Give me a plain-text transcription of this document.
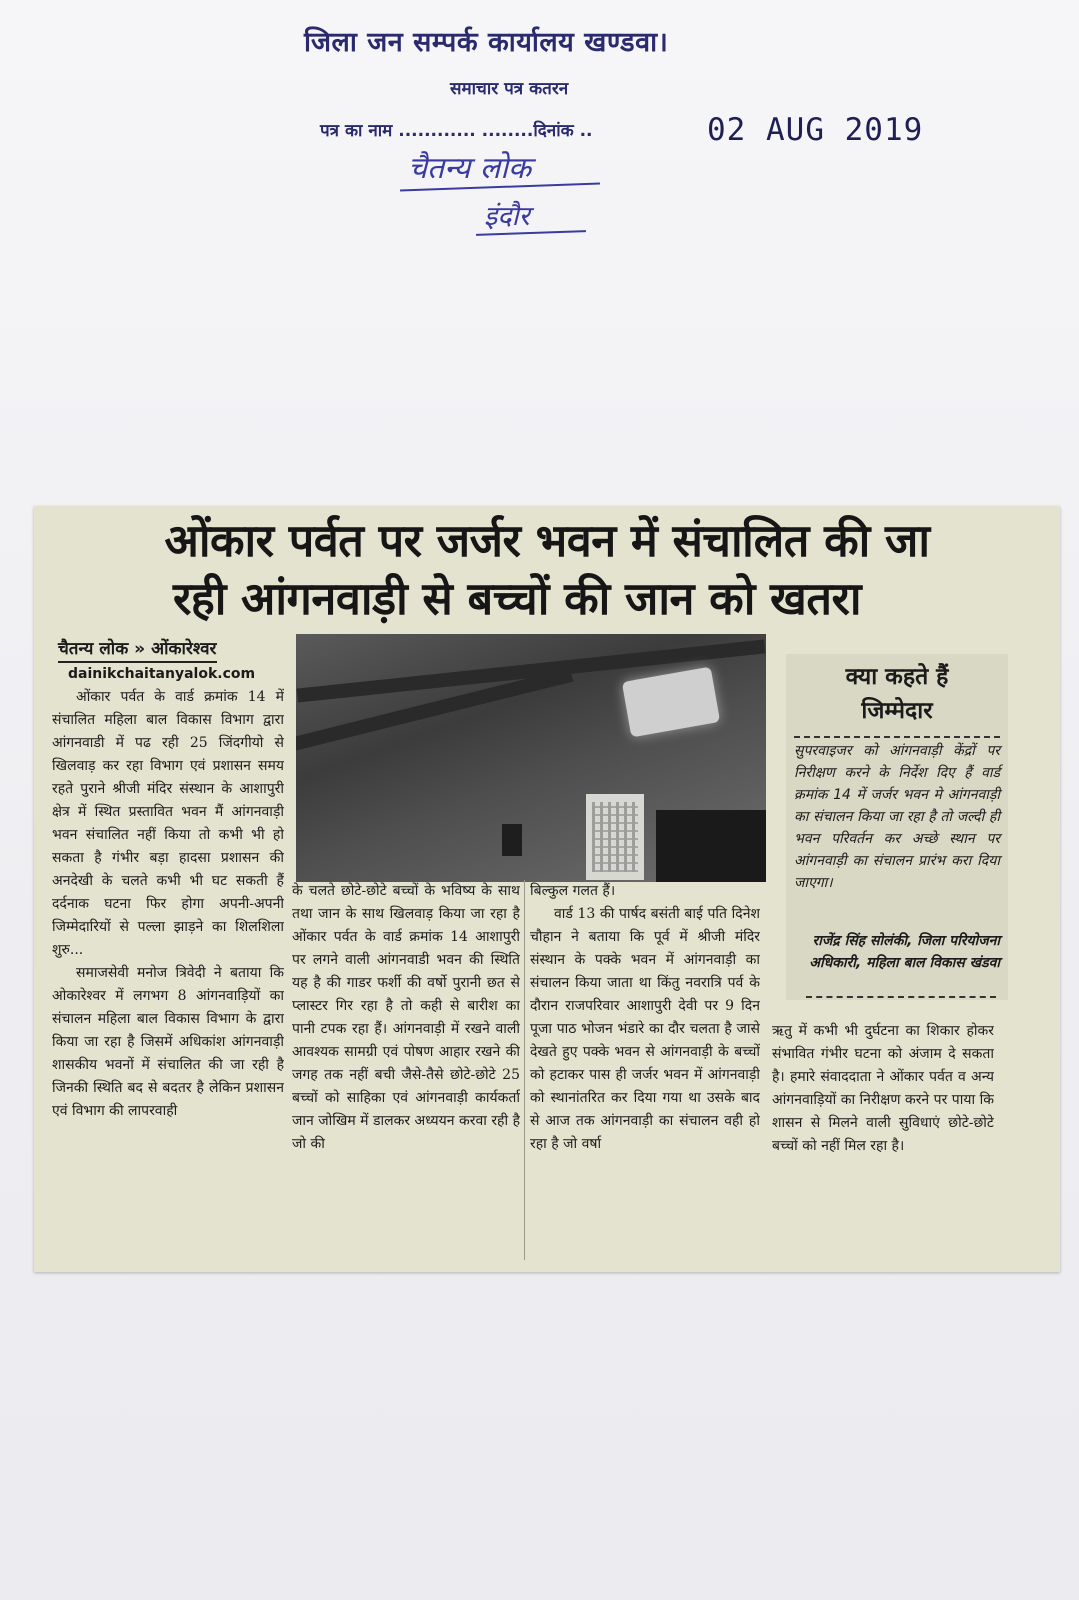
जिला जन सम्पर्क कार्यालय खण्डवा।
समाचार पत्र कतरन
पत्र का नाम ............ ........दिनांक ..	02 AUG 2019
चैतन्य लोक
इंदौर
ओंकार पर्वत पर जर्जर भवन में संचालित की जा

रही आंगनवाड़ी से बच्चों की जान को खतरा
चैतन्य लोक » ओंकारेश्वर
dainikchaitanyalok.com

ओंकार पर्वत के वार्ड क्रमांक 14 में संचालित महिला बाल विकास विभाग द्वारा आंगनवाडी में पढ रही 25 जिंदगीयो से खिलवाड़ कर रहा विभाग एवं प्रशासन समय रहते पुराने श्रीजी मंदिर संस्थान के आशापुरी क्षेत्र में स्थित प्रस्तावित भवन मैं आंगनवाड़ी भवन संचालित नहीं किया तो कभी भी हो सकता है गंभीर बड़ा हादसा प्रशासन की अनदेखी के चलते कभी भी घट सकती हैं दर्दनाक घटना फिर होगा अपनी-अपनी जिम्मेदारियों से पल्ला झाड़ने का शिलशिला शुरु...

समाजसेवी मनोज त्रिवेदी ने बताया कि ओकारेश्वर में लगभग 8 आंगनवाड़ियों का संचालन महिला बाल विकास विभाग के द्वारा किया जा रहा है जिसमें अधिकांश आंगनवाड़ी शासकीय भवनों में संचालित की जा रही है जिनकी स्थिति बद से बदतर है लेकिन प्रशासन एवं विभाग की लापरवाही

के चलते छोटे-छोटे बच्चों के भविष्य के साथ तथा जान के साथ खिलवाड़ किया जा रहा है ओंकार पर्वत के वार्ड क्रमांक 14 आशापुरी पर लगने वाली आंगनवाडी भवन की स्थिति यह है की गाडर फर्शी की वर्षो पुरानी छत से प्लास्टर गिर रहा है तो कही से बारीश का पानी टपक रहा हैं। आंगनवाड़ी में रखने वाली आवश्यक सामग्री एवं पोषण आहार रखने की जगह तक नहीं बची जैसे-तैसे छोटे-छोटे 25 बच्चों को साहिका एवं आंगनवाड़ी कार्यकर्ता जान जोखिम में डालकर अध्ययन करवा रही है जो की

बिल्कुल गलत हैं।

वार्ड 13 की पार्षद बसंती बाई पति दिनेश चौहान ने बताया कि पूर्व में श्रीजी मंदिर संस्थान के पक्के भवन में आंगनवाड़ी का संचालन किया जाता था किंतु नवरात्रि पर्व के दौरान राजपरिवार आशापुरी देवी पर 9 दिन पूजा पाठ भोजन भंडारे का दौर चलता है जासे देखते हुए पक्के भवन से आंगनवाड़ी के बच्चों को हटाकर पास ही जर्जर भवन में आंगनवाड़ी को स्थानांतरित कर दिया गया था उसके बाद से आज तक आंगनवाड़ी का संचालन वही हो रहा है जो वर्षा

क्या कहते हैं
जिम्मेदार
सुपरवाइजर को आंगनवाड़ी केंद्रों पर निरीक्षण करने के निर्देश दिए हैं वार्ड क्रमांक 14 में जर्जर भवन मे आंगनवाड़ी का संचालन किया जा रहा है तो जल्दी ही भवन परिवर्तन कर अच्छे स्थान पर आंगनवाड़ी का संचालन प्रारंभ करा दिया जाएगा।
राजेंद्र सिंह सोलंकी, जिला परियोजना अधिकारी, महिला बाल विकास खंडवा

ऋतु में कभी भी दुर्घटना का शिकार होकर संभावित गंभीर घटना को अंजाम दे सकता है। हमारे संवाददाता ने ओंकार पर्वत व अन्य आंगनवाड़ियों का निरीक्षण करने पर पाया कि शासन से मिलने वाली सुविधाएं छोटे-छोटे बच्चों को नहीं मिल रहा है।
